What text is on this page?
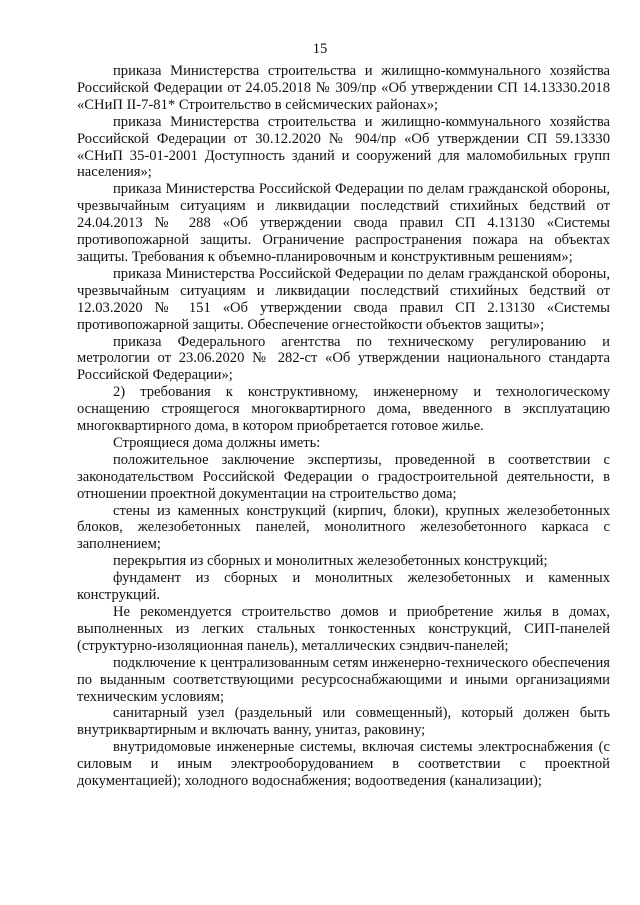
15

приказа Министерства строительства и жилищно-коммунального хозяйства Российской Федерации от 24.05.2018 № 309/пр «Об утверждении СП 14.13330.2018 «СНиП II-7-81* Строительство в сейсмических районах»;

приказа Министерства строительства и жилищно-коммунального хозяйства Российской Федерации от 30.12.2020 № 904/пр «Об утверждении СП 59.13330 «СНиП 35-01-2001 Доступность зданий и сооружений для маломобильных групп населения»;

приказа Министерства Российской Федерации по делам гражданской обороны, чрезвычайным ситуациям и ликвидации последствий стихийных бедствий от 24.04.2013 № 288 «Об утверждении свода правил СП 4.13130 «Системы противопожарной защиты. Ограничение распространения пожара на объектах защиты. Требования к объемно-планировочным и конструктивным решениям»;

приказа Министерства Российской Федерации по делам гражданской обороны, чрезвычайным ситуациям и ликвидации последствий стихийных бедствий от 12.03.2020 № 151 «Об утверждении свода правил СП 2.13130 «Системы противопожарной защиты. Обеспечение огнестойкости объектов защиты»;

приказа Федерального агентства по техническому регулированию и метрологии от 23.06.2020 № 282-ст «Об утверждении национального стандарта Российской Федерации»;

2) требования к конструктивному, инженерному и технологическому оснащению строящегося многоквартирного дома, введенного в эксплуатацию многоквартирного дома, в котором приобретается готовое жилье.

Строящиеся дома должны иметь:

положительное заключение экспертизы, проведенной в соответствии с законодательством Российской Федерации о градостроительной деятельности, в отношении проектной документации на строительство дома;

стены из каменных конструкций (кирпич, блоки), крупных железобетонных блоков, железобетонных панелей, монолитного железобетонного каркаса с заполнением;

перекрытия из сборных и монолитных железобетонных конструкций;

фундамент из сборных и монолитных железобетонных и каменных конструкций.

Не рекомендуется строительство домов и приобретение жилья в домах, выполненных из легких стальных тонкостенных конструкций, СИП-панелей (структурно-изоляционная панель), металлических сэндвич-панелей;

подключение к централизованным сетям инженерно-технического обеспечения по выданным соответствующими ресурсоснабжающими и иными организациями техническим условиям;

санитарный узел (раздельный или совмещенный), который должен быть внутриквартирным и включать ванну, унитаз, раковину;

внутридомовые инженерные системы, включая системы электроснабжения (с силовым и иным электрооборудованием в соответствии с проектной документацией); холодного водоснабжения; водоотведения (канализации);
